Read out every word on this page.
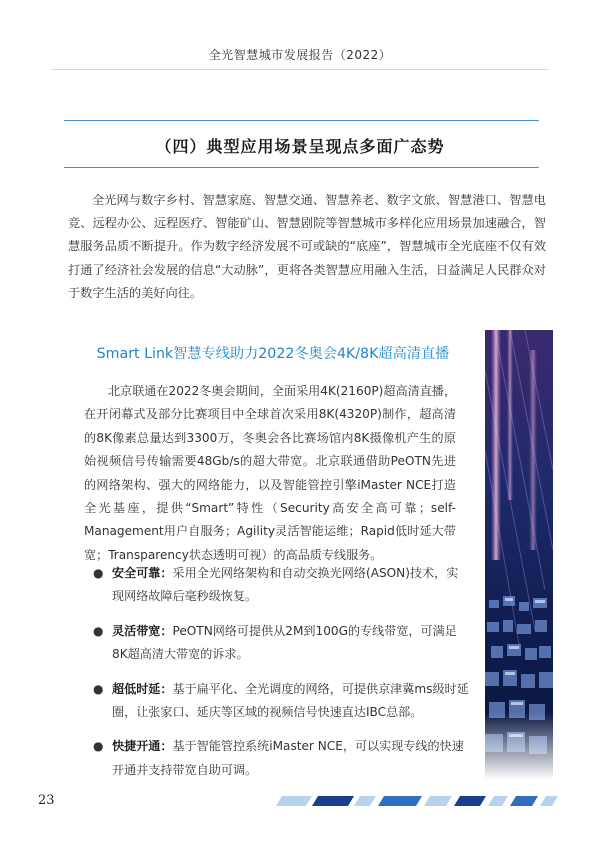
全光智慧城市发展报告（2022）
（四）典型应用场景呈现点多面广态势

全光网与数字乡村、智慧家庭、智慧交通、智慧养老、数字文旅、智慧港口、智慧电竞、远程办公、远程医疗、智能矿山、智慧剧院等智慧城市多样化应用场景加速融合，智慧服务品质不断提升。作为数字经济发展不可或缺的“底座”，智慧城市全光底座不仅有效打通了经济社会发展的信息“大动脉”，更将各类智慧应用融入生活，日益满足人民群众对于数字生活的美好向往。

Smart Link智慧专线助力2022冬奥会4K/8K超高清直播

北京联通在2022冬奥会期间，全面采用4K(2160P)超高清直播，在开闭幕式及部分比赛项目中全球首次采用8K(4320P)制作，超高清的8K像素总量达到3300万，冬奥会各比赛场馆内8K摄像机产生的原始视频信号传输需要48Gb/s的超大带宽。北京联通借助PeOTN先进的网络架构、强大的网络能力，以及智能管控引擎iMaster NCE打造全光基座，提供“Smart”特性（Security高安全高可靠；self-Management用户自服务；Agility灵活智能运维；Rapid低时延大带宽；Transparency状态透明可视）的高品质专线服务。

● 安全可靠：采用全光网络架构和自动交换光网络(ASON)技术，实现网络故障后毫秒级恢复。
● 灵活带宽：PeOTN网络可提供从2M到100G的专线带宽，可满足8K超高清大带宽的诉求。
● 超低时延：基于扁平化、全光调度的网络，可提供京津冀ms级时延圈，让张家口、延庆等区域的视频信号快速直达IBC总部。
● 快捷开通：基于智能管控系统iMaster NCE，可以实现专线的快速开通并支持带宽自助可调。
23
